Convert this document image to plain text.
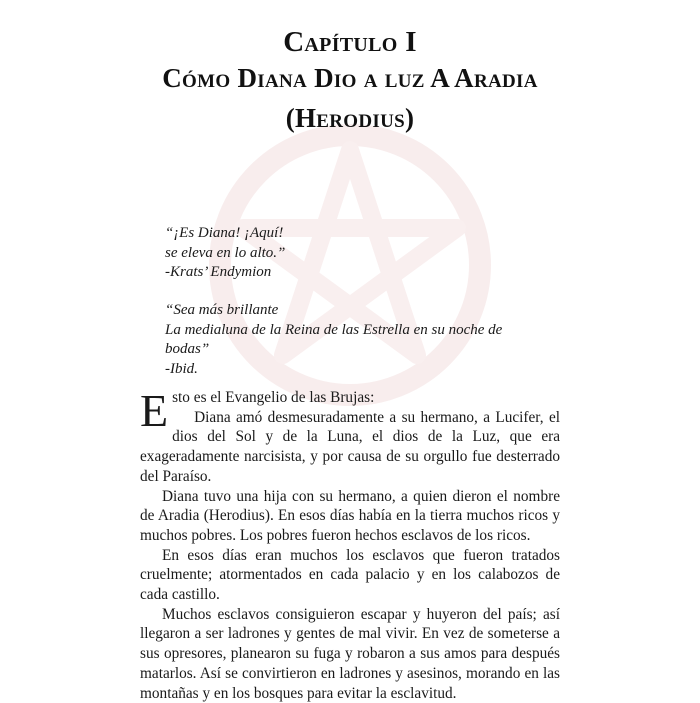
Capítulo I
Cómo Diana Dio a luz A Aradia
(Herodius)
“¡Es Diana! ¡Aquí!
se eleva en lo alto.”
-Krats’ Endymion
“Sea más brillante
La medialuna de la Reina de las Estrella en su noche de
bodas”
-Ibid.

Esto es el Evangelio de las Brujas:

Diana amó desmesuradamente a su hermano, a Lucifer, el dios del Sol y de la Luna, el dios de la Luz, que era exageradamente narcisista, y por causa de su orgullo fue desterrado del Paraíso.

Diana tuvo una hija con su hermano, a quien dieron el nombre de Aradia (Herodius). En esos días había en la tierra muchos ricos y muchos pobres. Los pobres fueron hechos esclavos de los ricos.

En esos días eran muchos los esclavos que fueron tratados cruelmente; atormentados en cada palacio y en los calabozos de cada castillo.

Muchos esclavos consiguieron escapar y huyeron del país; así llegaron a ser ladrones y gentes de mal vivir. En vez de someterse a sus opresores, planearon su fuga y robaron a sus amos para después matarlos. Así se convirtieron en ladrones y asesinos, morando en las montañas y en los bosques para evitar la esclavitud.
